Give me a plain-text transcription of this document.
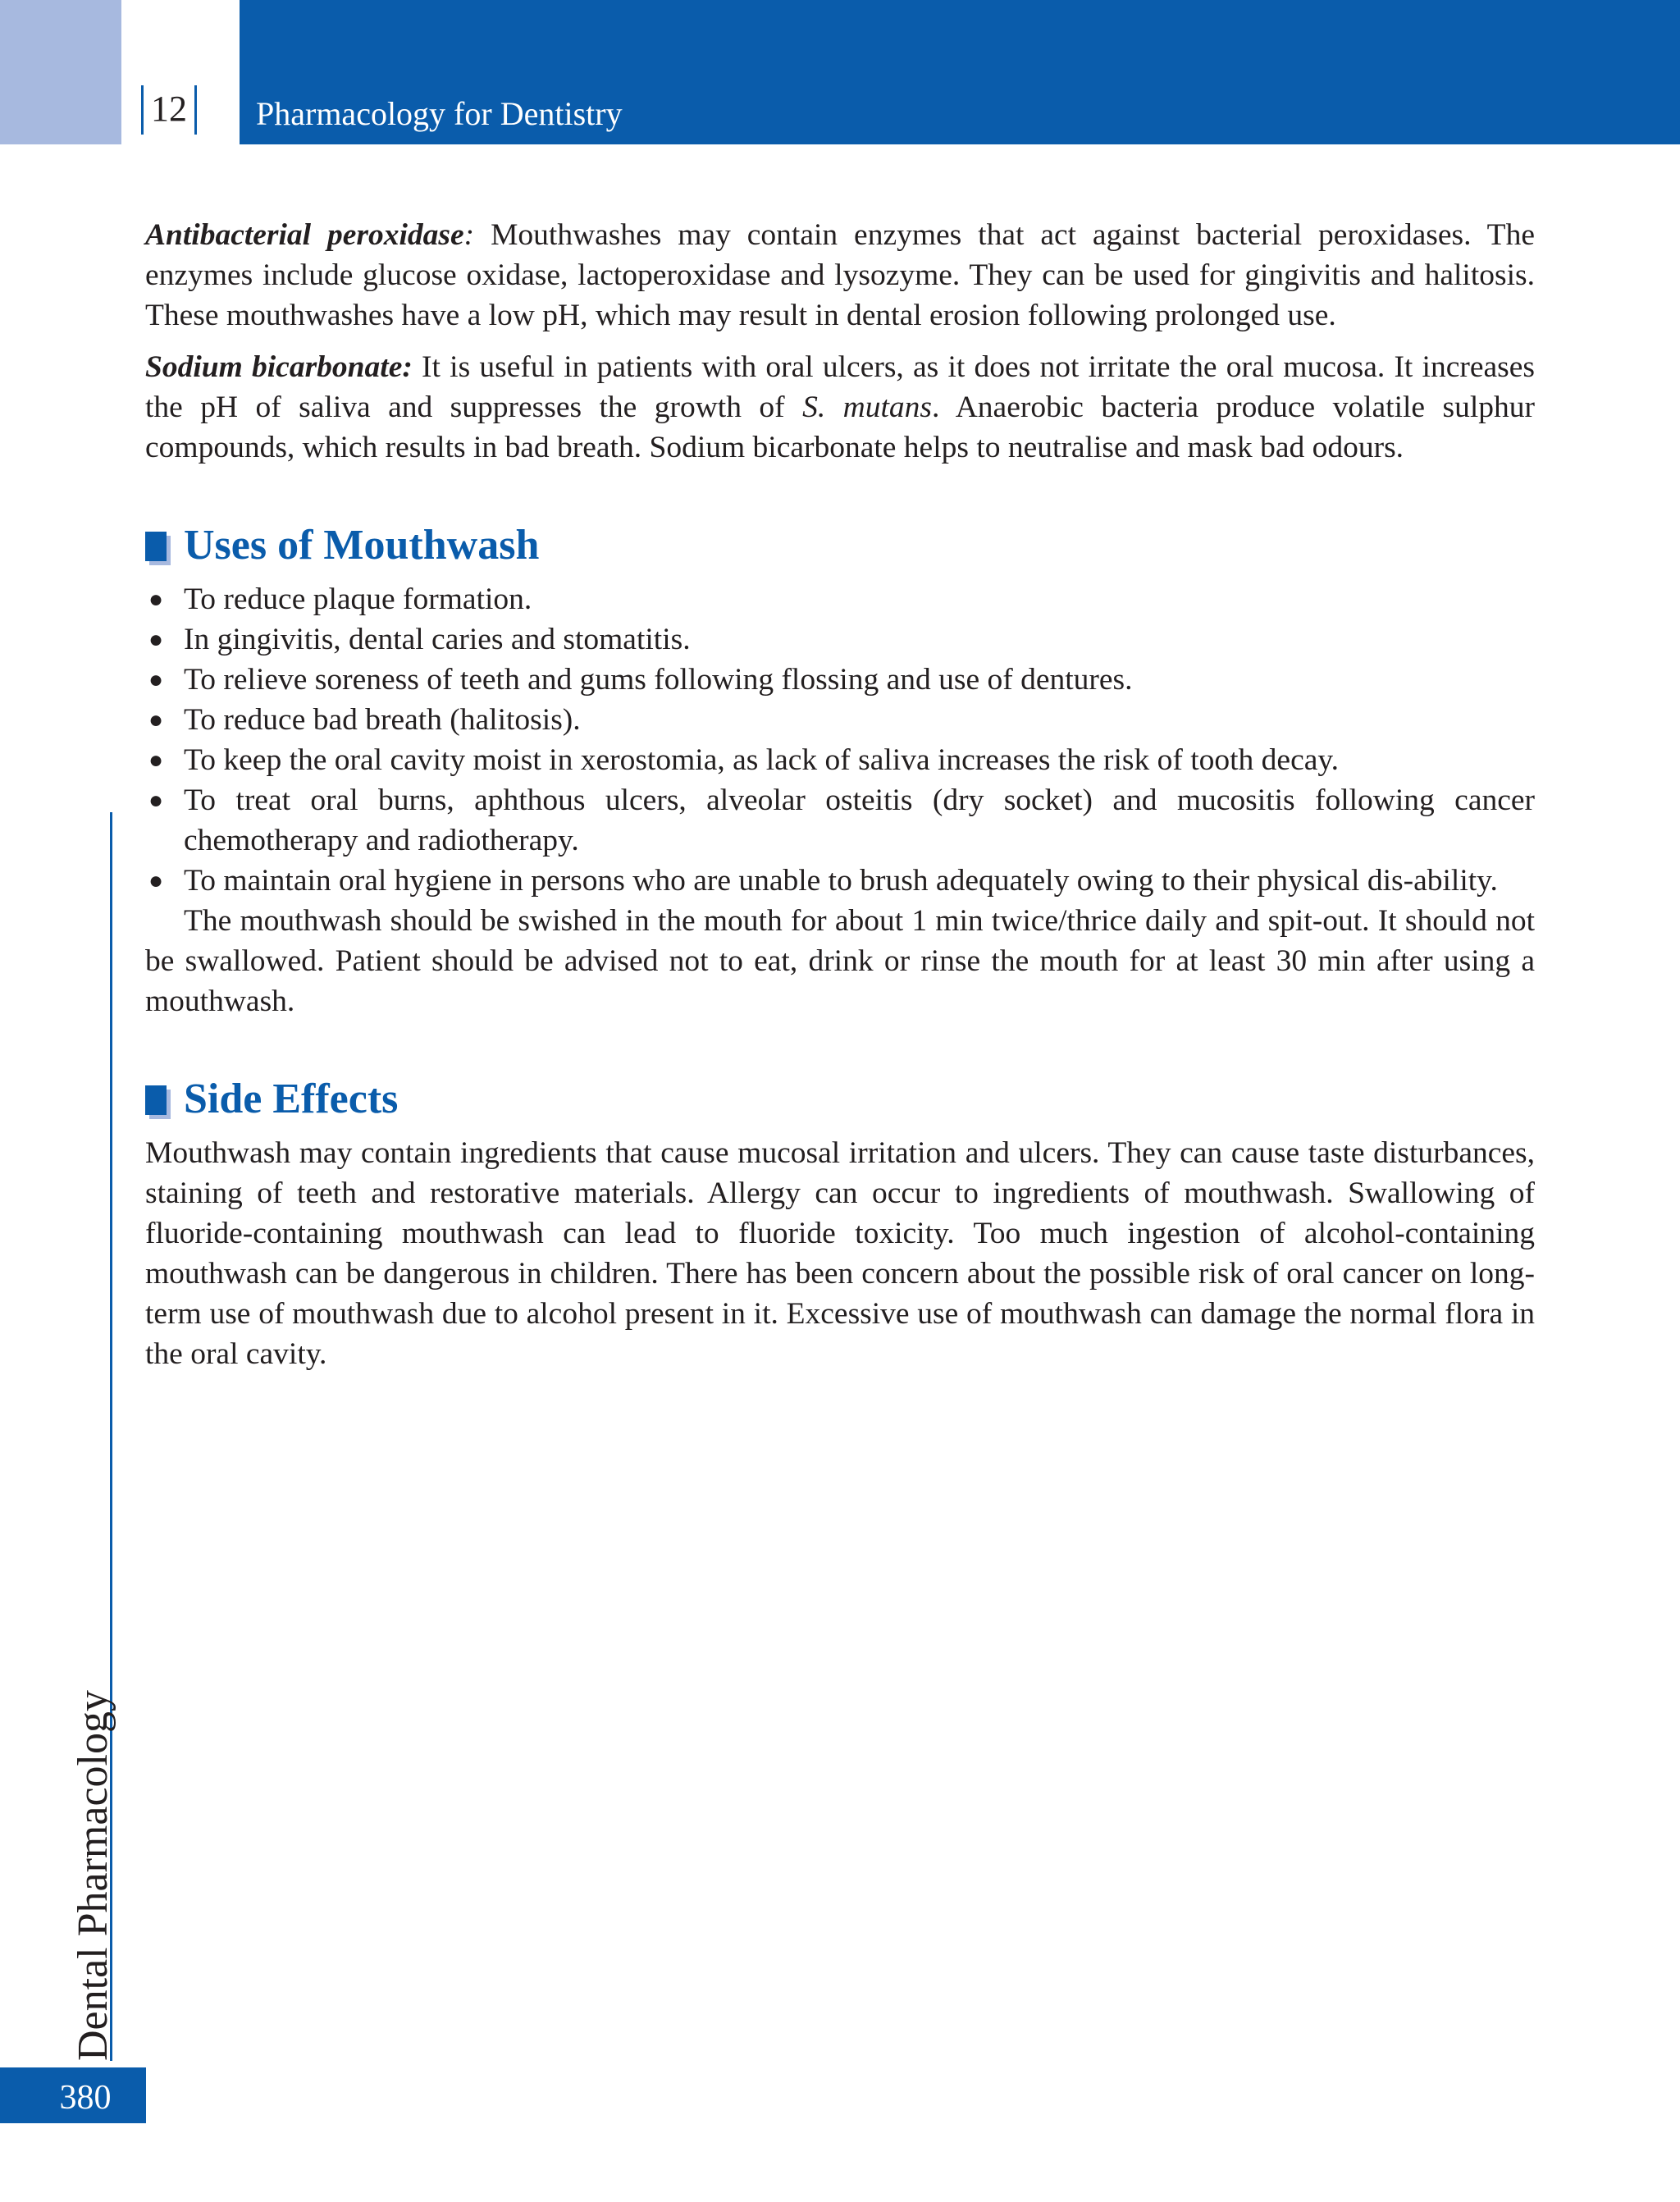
12	Pharmacology for Dentistry
Dental Pharmacology
380

Antibacterial peroxidase: Mouthwashes may contain enzymes that act against bacterial peroxidases. The enzymes include glucose oxidase, lactoperoxidase and lysozyme. They can be used for gingivitis and halitosis. These mouthwashes have a low pH, which may result in dental erosion following prolonged use.

Sodium bicarbonate: It is useful in patients with oral ulcers, as it does not irritate the oral mucosa. It increases the pH of saliva and suppresses the growth of S. mutans. Anaerobic bacteria produce volatile sulphur compounds, which results in bad breath. Sodium bicarbonate helps to neutralise and mask bad odours.

Uses of Mouthwash
● To reduce plaque formation.
● In gingivitis, dental caries and stomatitis.
● To relieve soreness of teeth and gums following flossing and use of dentures.
● To reduce bad breath (halitosis).
● To keep the oral cavity moist in xerostomia, as lack of saliva increases the risk of tooth decay.
● To treat oral burns, aphthous ulcers, alveolar osteitis (dry socket) and mucositis following cancer chemotherapy and radiotherapy.
● To maintain oral hygiene in persons who are unable to brush adequately owing to their physical dis-ability.

The mouthwash should be swished in the mouth for about 1 min twice/thrice daily and spit-out. It should not be swallowed. Patient should be advised not to eat, drink or rinse the mouth for at least 30 min after using a mouthwash.

Side Effects

Mouthwash may contain ingredients that cause mucosal irritation and ulcers. They can cause taste disturbances, staining of teeth and restorative materials. Allergy can occur to ingredients of mouthwash. Swallowing of fluoride-containing mouthwash can lead to fluoride toxicity. Too much ingestion of alcohol-containing mouthwash can be dangerous in children. There has been concern about the possible risk of oral cancer on long-term use of mouthwash due to alcohol present in it. Excessive use of mouthwash can damage the normal flora in the oral cavity.
